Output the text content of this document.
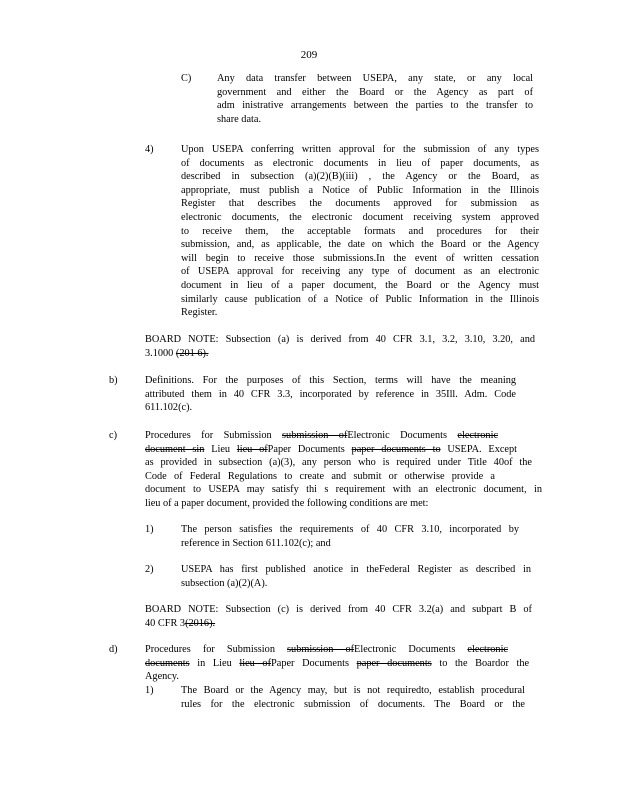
209
C) Any data transfer between USEPA, any state, or any local
government and either the Board or the Agency as part of
adm inistrative arrangements between the parties to the transfer to
share data.
4)	Upon USEPA conferring written approval for the submission of any types
of documents as electronic documents in lieu of paper documents, as
described in subsection (a)(2)(B)(iii) , the Agency or the Board, as
appropriate, must publish a Notice of Public Information in the Illinois
Register that describes the documents approved for submission as
electronic documents, the electronic document receiving system approved
to receive them, the acceptable formats and procedures for their
submission, and, as applicable, the date on which the Board or the Agency
will begin to receive those submissions.In the event of written cessation
of USEPA approval for receiving any type of document as an electronic
document in lieu of a paper document, the Board or the Agency must
similarly cause publication of a Notice of Public Information in the Illinois
Register.
BOARD NOTE: Subsection (a) is derived from 40 CFR 3.1, 3.2, 3.10, 3.20, and
3.1000 (201 6).
b)	Definitions. For the purposes of this Section, terms will have the meaning
attributed them in 40 CFR 3.3, incorporated by reference in 35Ill. Adm. Code
611.102(c).
c)	Procedures for Submission submission ofElectronic Documents electronic
document sin Lieu lieu ofPaper Documents paper documents to USEPA. Except
as provided in subsection (a)(3), any person who is required under Title 40of the
Code of Federal Regulations to create and submit or otherwise provide a
document to USEPA may satisfy thi s requirement with an electronic document, in
lieu of a paper document, provided the following conditions are met:
1)	The person satisfies the requirements of 40 CFR 3.10, incorporated by
reference in Section 611.102(c); and
2)	USEPA has first published anotice in theFederal Register as described in
subsection (a)(2)(A).
BOARD NOTE: Subsection (c) is derived from 40 CFR 3.2(a) and subpart B of
40 CFR 3(2016).
d)	Procedures for Submission submission ofElectronic Documents electronic
documents in Lieu lieu ofPaper Documents paper documents to the Boardor the
Agency.
1)	The Board or the Agency may, but is not requiredto, establish procedural
rules for the electronic submission of documents. The Board or the
